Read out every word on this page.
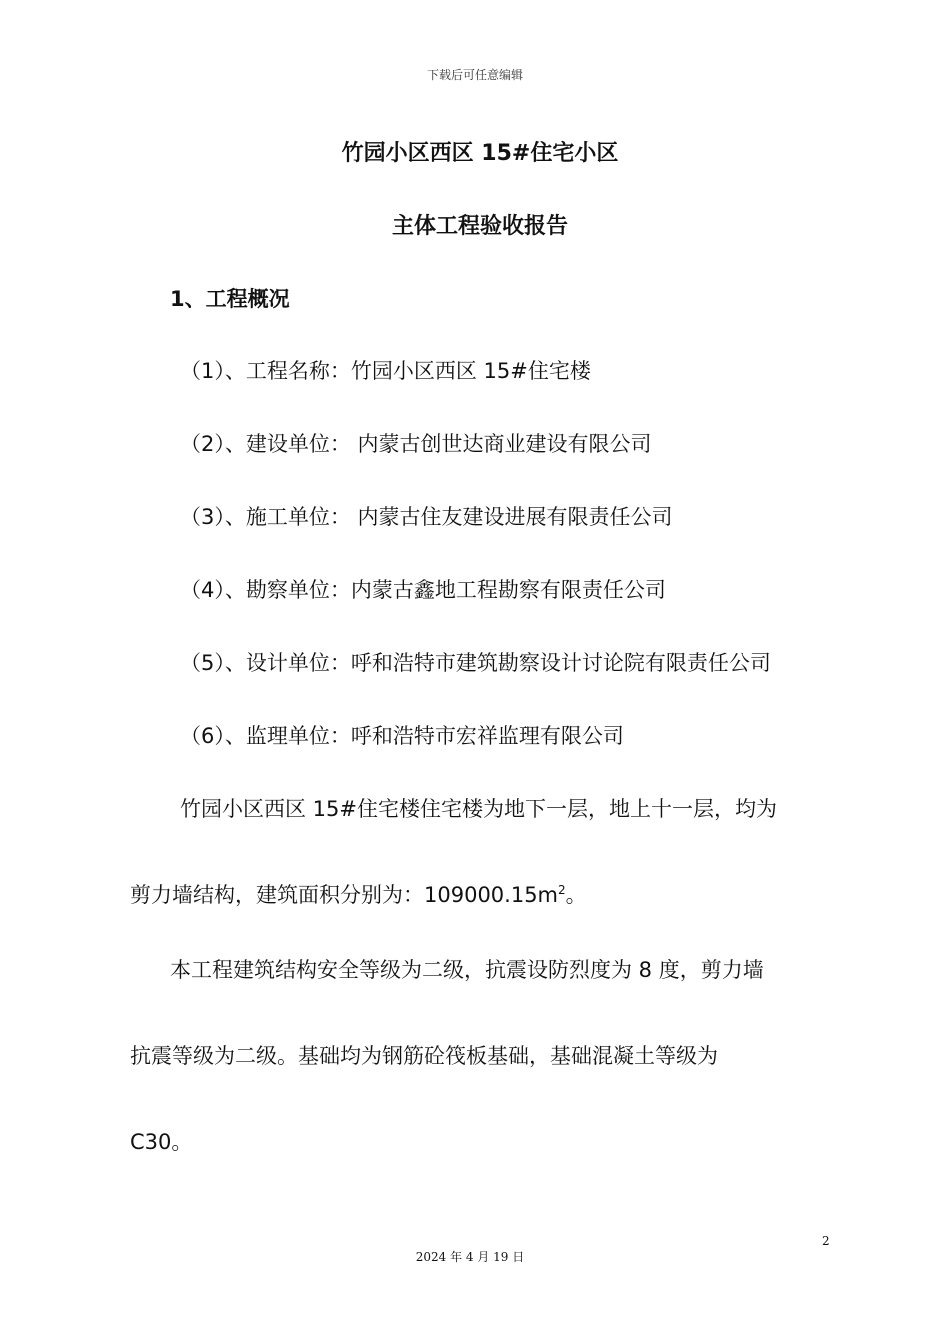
下载后可任意编辑
竹园小区西区 15#住宅小区
主体工程验收报告
1、工程概况
（1）、工程名称：竹园小区西区 15#住宅楼
（2）、建设单位： 内蒙古创世达商业建设有限公司
（3）、施工单位： 内蒙古住友建设进展有限责任公司
（4）、勘察单位：内蒙古鑫地工程勘察有限责任公司
（5）、设计单位：呼和浩特市建筑勘察设计讨论院有限责任公司
（6）、监理单位：呼和浩特市宏祥监理有限公司
竹园小区西区 15#住宅楼住宅楼为地下一层，地上十一层，均为
剪力墙结构，建筑面积分别为：$109000.15m^2$。
本工程建筑结构安全等级为二级，抗震设防烈度为 8 度，剪力墙
抗震等级为二级。基础均为钢筋砼筏板基础，基础混凝土等级为
C30。
2
2024 年 4 月 19 日
